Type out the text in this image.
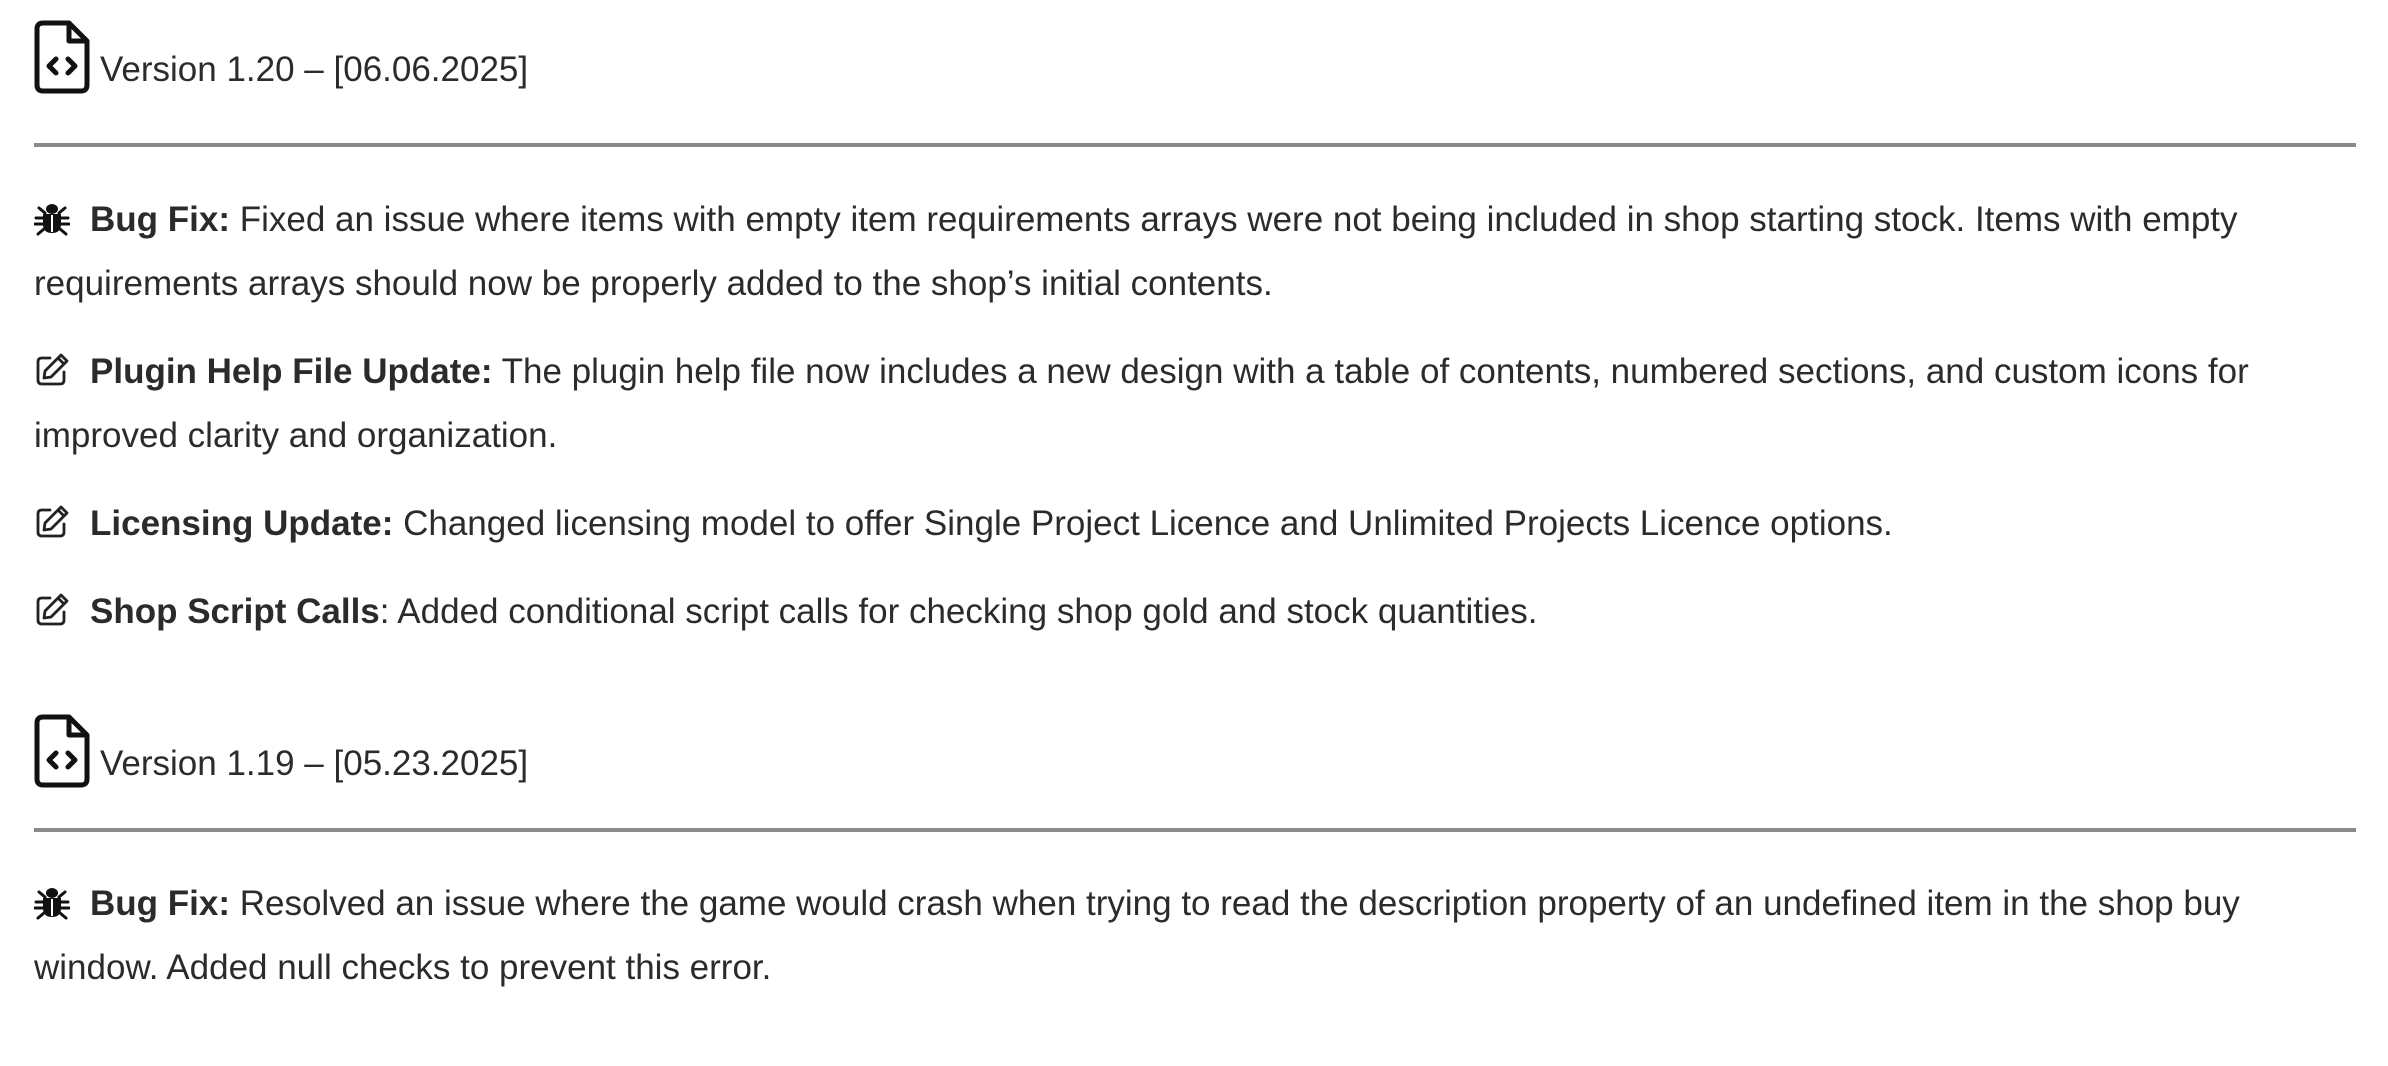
Version 1.20 – [06.06.2025]
Bug Fix: Fixed an issue where items with empty item requirements arrays were not being included in shop starting stock. Items with empty requirements arrays should now be properly added to the shop’s initial contents.
Plugin Help File Update: The plugin help file now includes a new design with a table of contents, numbered sections, and custom icons for improved clarity and organization.
Licensing Update: Changed licensing model to offer Single Project Licence and Unlimited Projects Licence options.
Shop Script Calls: Added conditional script calls for checking shop gold and stock quantities.
Version 1.19 – [05.23.2025]
Bug Fix: Resolved an issue where the game would crash when trying to read the description property of an undefined item in the shop buy window. Added null checks to prevent this error.
